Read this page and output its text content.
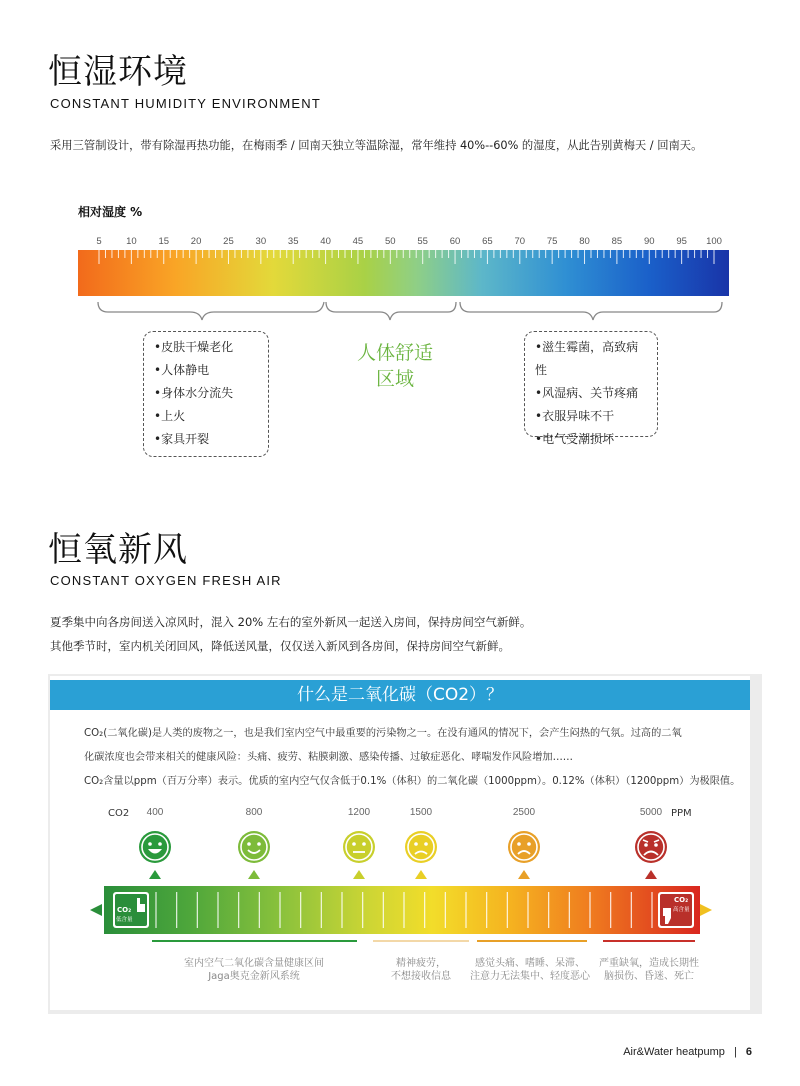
恒湿环境
CONSTANT HUMIDITY ENVIRONMENT
采用三管制设计，带有除湿再热功能，在梅雨季 / 回南天独立等温除湿，常年维持 40%--60% 的湿度，从此告别黄梅天 / 回南天。
相对湿度 %
5	10	15	20	25	30	35	40	45	50	55	60	65	70	75	80	85	90	95	100
•皮肤干燥老化
•人体静电
•身体水分流失
•上火
•家具开裂
人体舒适
区域
•滋生霉菌，高致病性
•风湿病、关节疼痛
•衣服异味不干
•电气受潮损坏
恒氧新风
CONSTANT OXYGEN FRESH AIR
夏季集中向各房间送入凉风时，混入 20% 左右的室外新风一起送入房间，保持房间空气新鲜。
其他季节时，室内机关闭回风，降低送风量，仅仅送入新风到各房间，保持房间空气新鲜。
什么是二氧化碳（CO2）？
CO₂(二氧化碳)是人类的废物之一，也是我们室内空气中最重要的污染物之一。在没有通风的情况下，会产生闷热的气氛。过高的二氧
化碳浓度也会带来相关的健康风险：头痛、疲劳、粘膜刺激、感染传播、过敏症恶化、哮喘发作风险增加……
CO₂含量以ppm（百万分率）表示。优质的室内空气仅含低于0.1%（体积）的二氧化碳（1000ppm）。0.12%（体积）（1200ppm）为极限值。
CO2	PPM
400	800	1200	1500	2500	5000
CO₂
低含量
CO₂
高含量
室内空气二氧化碳含量健康区间
Jaga奥克金新风系统
精神疲劳，
不想接收信息
感觉头痛、嗜睡、呆滞、
注意力无法集中、轻度恶心
严重缺氧，造成长期性
脑损伤、昏迷、死亡
Air&Water heatpump | 6
